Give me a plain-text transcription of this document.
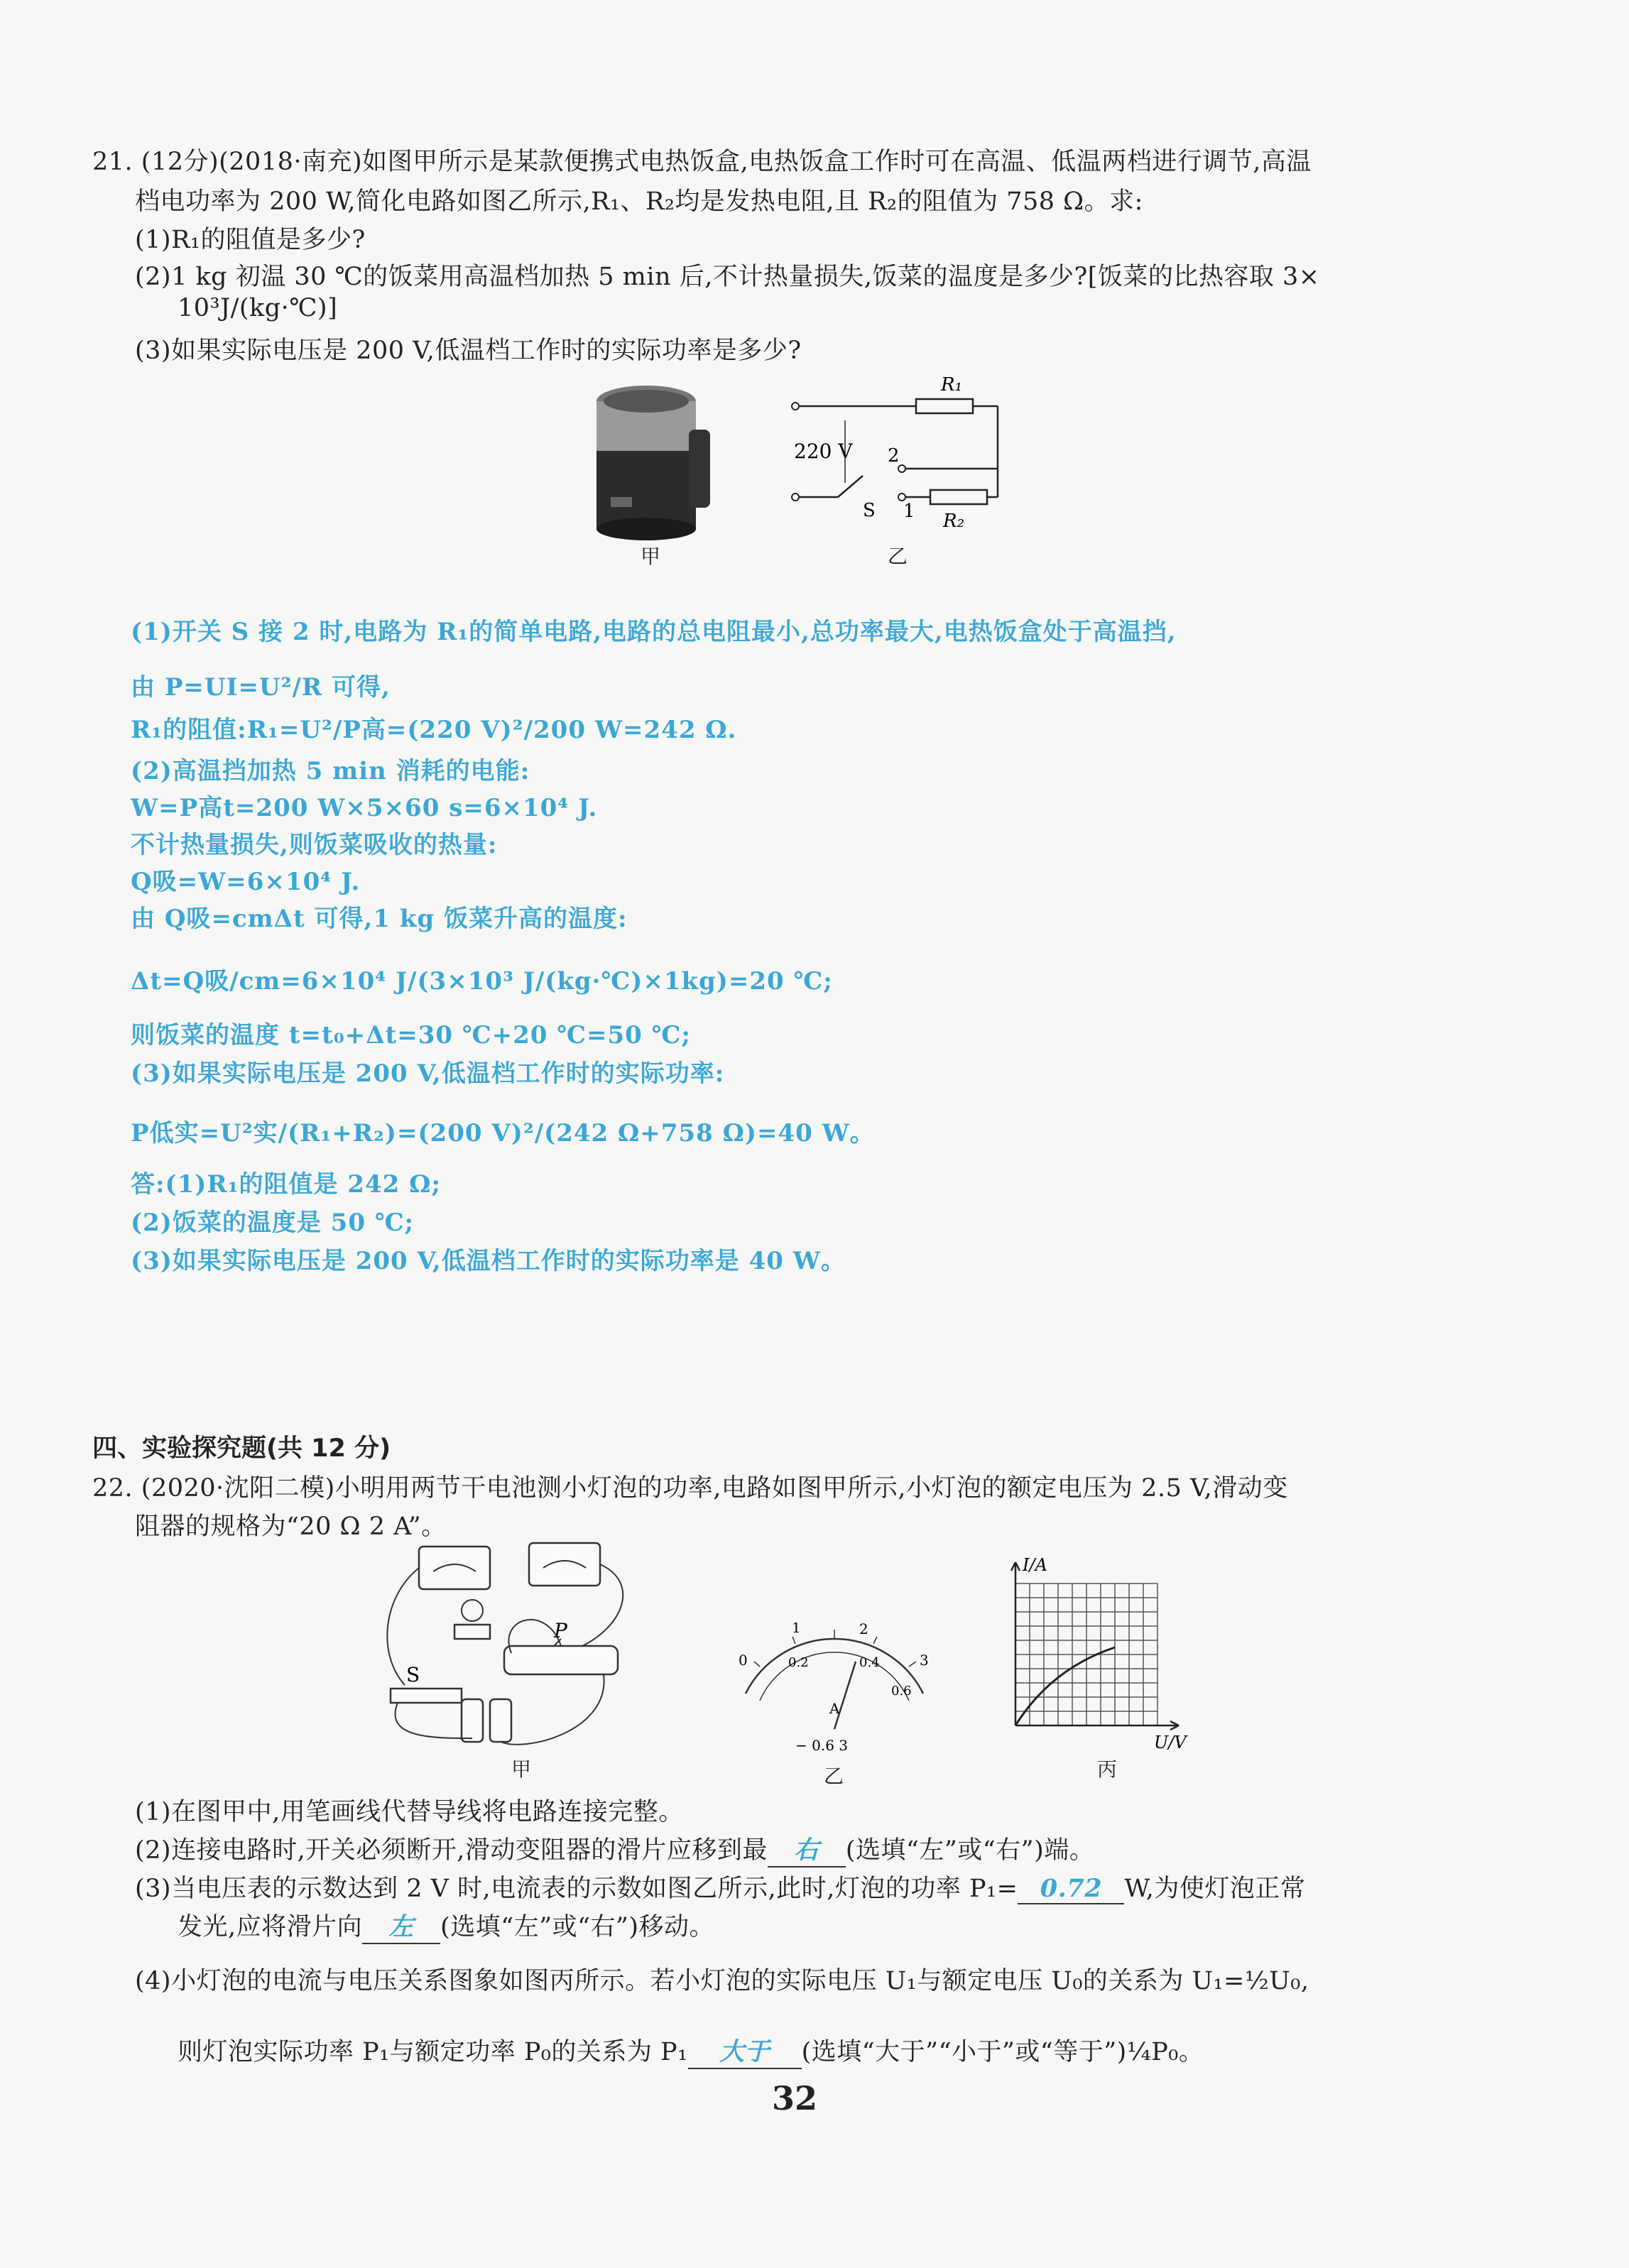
21. (12分)(2018·南充)如图甲所示是某款便携式电热饭盒,电热饭盒工作时可在高温、低温两档进行调节,高温
档电功率为 200 W,简化电路如图乙所示,R₁、R₂均是发热电阻,且 R₂的阻值为 758 Ω。求:
(1)R₁的阻值是多少?
(2)1 kg 初温 30 ℃的饭菜用高温档加热 5 min 后,不计热量损失,饭菜的温度是多少?[饭菜的比热容取 3×
10³J/(kg·℃)]
(3)如果实际电压是 200 V,低温档工作时的实际功率是多少?
甲
R₁
R₂
220 V 2
1
S
乙
(1)开关 S 接 2 时,电路为 R₁的简单电路,电路的总电阻最小,总功率最大,电热饭盒处于高温挡,
由 P=UI=U²/R 可得,
R₁的阻值:R₁=U²/P高=(220 V)²/200 W=242 Ω.
(2)高温挡加热 5 min 消耗的电能:
W=P高t=200 W×5×60 s=6×10⁴ J.
不计热量损失,则饭菜吸收的热量:
Q吸=W=6×10⁴ J.
由 Q吸=cmΔt 可得,1 kg 饭菜升高的温度:
Δt=Q吸/cm=6×10⁴ J/(3×10³ J/(kg·℃)×1kg)=20 ℃;
则饭菜的温度 t=t₀+Δt=30 ℃+20 ℃=50 ℃;
(3)如果实际电压是 200 V,低温档工作时的实际功率:
P低实=U²实/(R₁+R₂)=(200 V)²/(242 Ω+758 Ω)=40 W。
答:(1)R₁的阻值是 242 Ω;
(2)饭菜的温度是 50 ℃;
(3)如果实际电压是 200 V,低温档工作时的实际功率是 40 W。
四、实验探究题(共 12 分)
22. (2020·沈阳二模)小明用两节干电池测小灯泡的功率,电路如图甲所示,小灯泡的额定电压为 2.5 V,滑动变
阻器的规格为“20 Ω 2 A”。
S
P
甲
0
1	2
3
0.2	0.4
0.6
A
− 0.6 3
乙
I/A
U/V
丙
(1)在图甲中,用笔画线代替导线将电路连接完整。
(2)连接电路时,开关必须断开,滑动变阻器的滑片应移到最 右 (选填“左”或“右”)端。
(3)当电压表的示数达到 2 V 时,电流表的示数如图乙所示,此时,灯泡的功率 P₁= 0.72 W,为使灯泡正常
发光,应将滑片向 左 (选填“左”或“右”)移动。
(4)小灯泡的电流与电压关系图象如图丙所示。若小灯泡的实际电压 U₁与额定电压 U₀的关系为 U₁=½U₀,
则灯泡实际功率 P₁与额定功率 P₀的关系为 P₁ 大于 (选填“大于”“小于”或“等于”)¼P₀。
32
